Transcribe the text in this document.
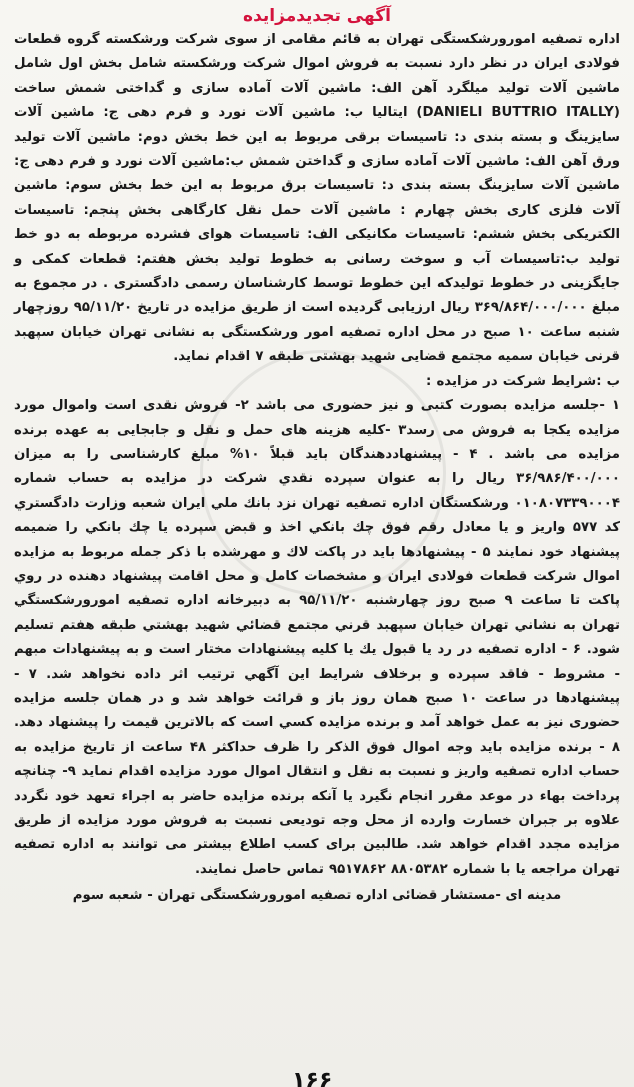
آگهی تجدیدمزایده

اداره تصفیه امورورشکستگی تهران به قائم مقامی از سوی شرکت ورشکسته گروه قطعات فولادی ایران در نظر دارد نسبت به فروش اموال شرکت ورشکسته شامل بخش اول شامل ماشین آلات تولید میلگرد آهن الف: ماشین آلات آماده سازی و گداختی شمش ساخت (DANIELI BUTTRIO ITALLY) ایتالیا ب: ماشین آلات نورد و فرم دهی ج: ماشین آلات سایزینگ و بسته بندی د: تاسیسات برقی مربوط به این خط بخش دوم: ماشین آلات تولید ورق آهن الف: ماشین آلات آماده سازی و گداختن شمش ب:ماشین آلات نورد و فرم دهی ج: ماشین آلات سایزینگ بسته بندی د: تاسیسات برق مربوط به این خط بخش سوم: ماشین آلات فلزی کاری بخش چهارم : ماشین آلات حمل نقل کارگاهی بخش پنجم: تاسیسات الکتریکی بخش ششم: تاسیسات مکانیکی الف: تاسیسات هوای فشرده مربوطه به دو خط تولید ب:تاسیسات آب و سوخت رسانی به خطوط تولید بخش هفتم: قطعات کمکی و جایگزینی در خطوط تولیدکه این خطوط توسط کارشناسان رسمی دادگستری . در مجموع به مبلغ ۳۶۹/۸۶۴/۰۰۰/۰۰۰ ریال ارزیابی گردیده است از طریق مزایده در تاریخ ۹۵/۱۱/۲۰ روزچهار شنبه ساعت ۱۰ صبح در محل اداره تصفیه امور ورشکستگی به نشانی تهران خیابان سپهبد قرنی خیابان سمیه مجتمع قضایی شهید بهشتی طبقه ۷ اقدام نماید.

ب :شرایط شرکت در مزایده :

۱ -جلسه مزایده بصورت کتبی و نیز حضوری می باشد ۲- فروش نقدی است واموال مورد مزایده یکجا به فروش می رسد۳ -کلیه هزینه های حمل و نقل و جابجایی به عهده برنده مزایده می باشد . ۴ - پیشنهاددهندگان باید قبلاً ۱۰% مبلغ کارشناسی را به میزان ۳۶/۹۸۶/۴۰۰/۰۰۰ ریال را به عنوان سپرده نقدي شرکت در مزایده به حساب شماره ۰۱۰۸۰۷۳۳۹۰۰۰۴ ورشکستگان اداره تصفیه تهران نزد بانك ملي ایران شعبه وزارت دادگستري کد ۵۷۷ واریز و یا معادل رقم فوق چك بانکي اخذ و قبض سپرده یا چك بانکي را ضمیمه پیشنهاد خود نمایند ۵ - پیشنهادها باید در پاکت لاك و مهرشده با ذکر جمله مربوط به مزایده اموال شرکت قطعات فولادی ایران و مشخصات کامل و محل اقامت پیشنهاد دهنده در روي پاکت تا ساعت ۹ صبح روز چهارشنبه ۹۵/۱۱/۲۰ به دبیرخانه اداره تصفیه امورورشکستگي تهران به نشاني تهران خیابان سپهبد قرني مجتمع قضائي شهید بهشتي طبقه هفتم تسلیم شود. ۶ - اداره تصفیه در رد یا قبول یك یا کلیه پیشنهادات مختار است و به پیشنهادات مبهم - مشروط - فاقد سپرده و برخلاف شرایط این آگهي ترتیب اثر داده نخواهد شد. ۷ - پیشنهادها در ساعت ۱۰ صبح همان روز باز و قرائت خواهد شد و در همان جلسه مزایده حضوری نیز به عمل خواهد آمد و برنده مزایده کسي است که بالاترین قیمت را پیشنهاد دهد. ۸ - برنده مزایده باید وجه اموال فوق الذکر را ظرف حداکثر ۴۸ ساعت از تاریخ مزایده به حساب اداره تصفیه واریز و نسبت به نقل و انتقال اموال مورد مزایده اقدام نماید ۹- چنانچه پرداخت بهاء در موعد مقرر انجام نگیرد یا آنکه برنده مزایده حاضر به اجراء تعهد خود نگردد علاوه بر جبران خسارت وارده از محل وجه تودیعی نسبت به فروش مورد مزایده از طریق مزایده مجدد اقدام خواهد شد. طالبین برای کسب اطلاع بیشتر می توانند به اداره تصفیه تهران مراجعه یا با شماره ۸۸۰۵۳۸۲ ۹۵۱۷۸۶۲ تماس حاصل نمایند.

مدینه ای -مستشار قضائی اداره تصفیه امورورشکستگی تهران - شعبه سوم
۱۶۶
